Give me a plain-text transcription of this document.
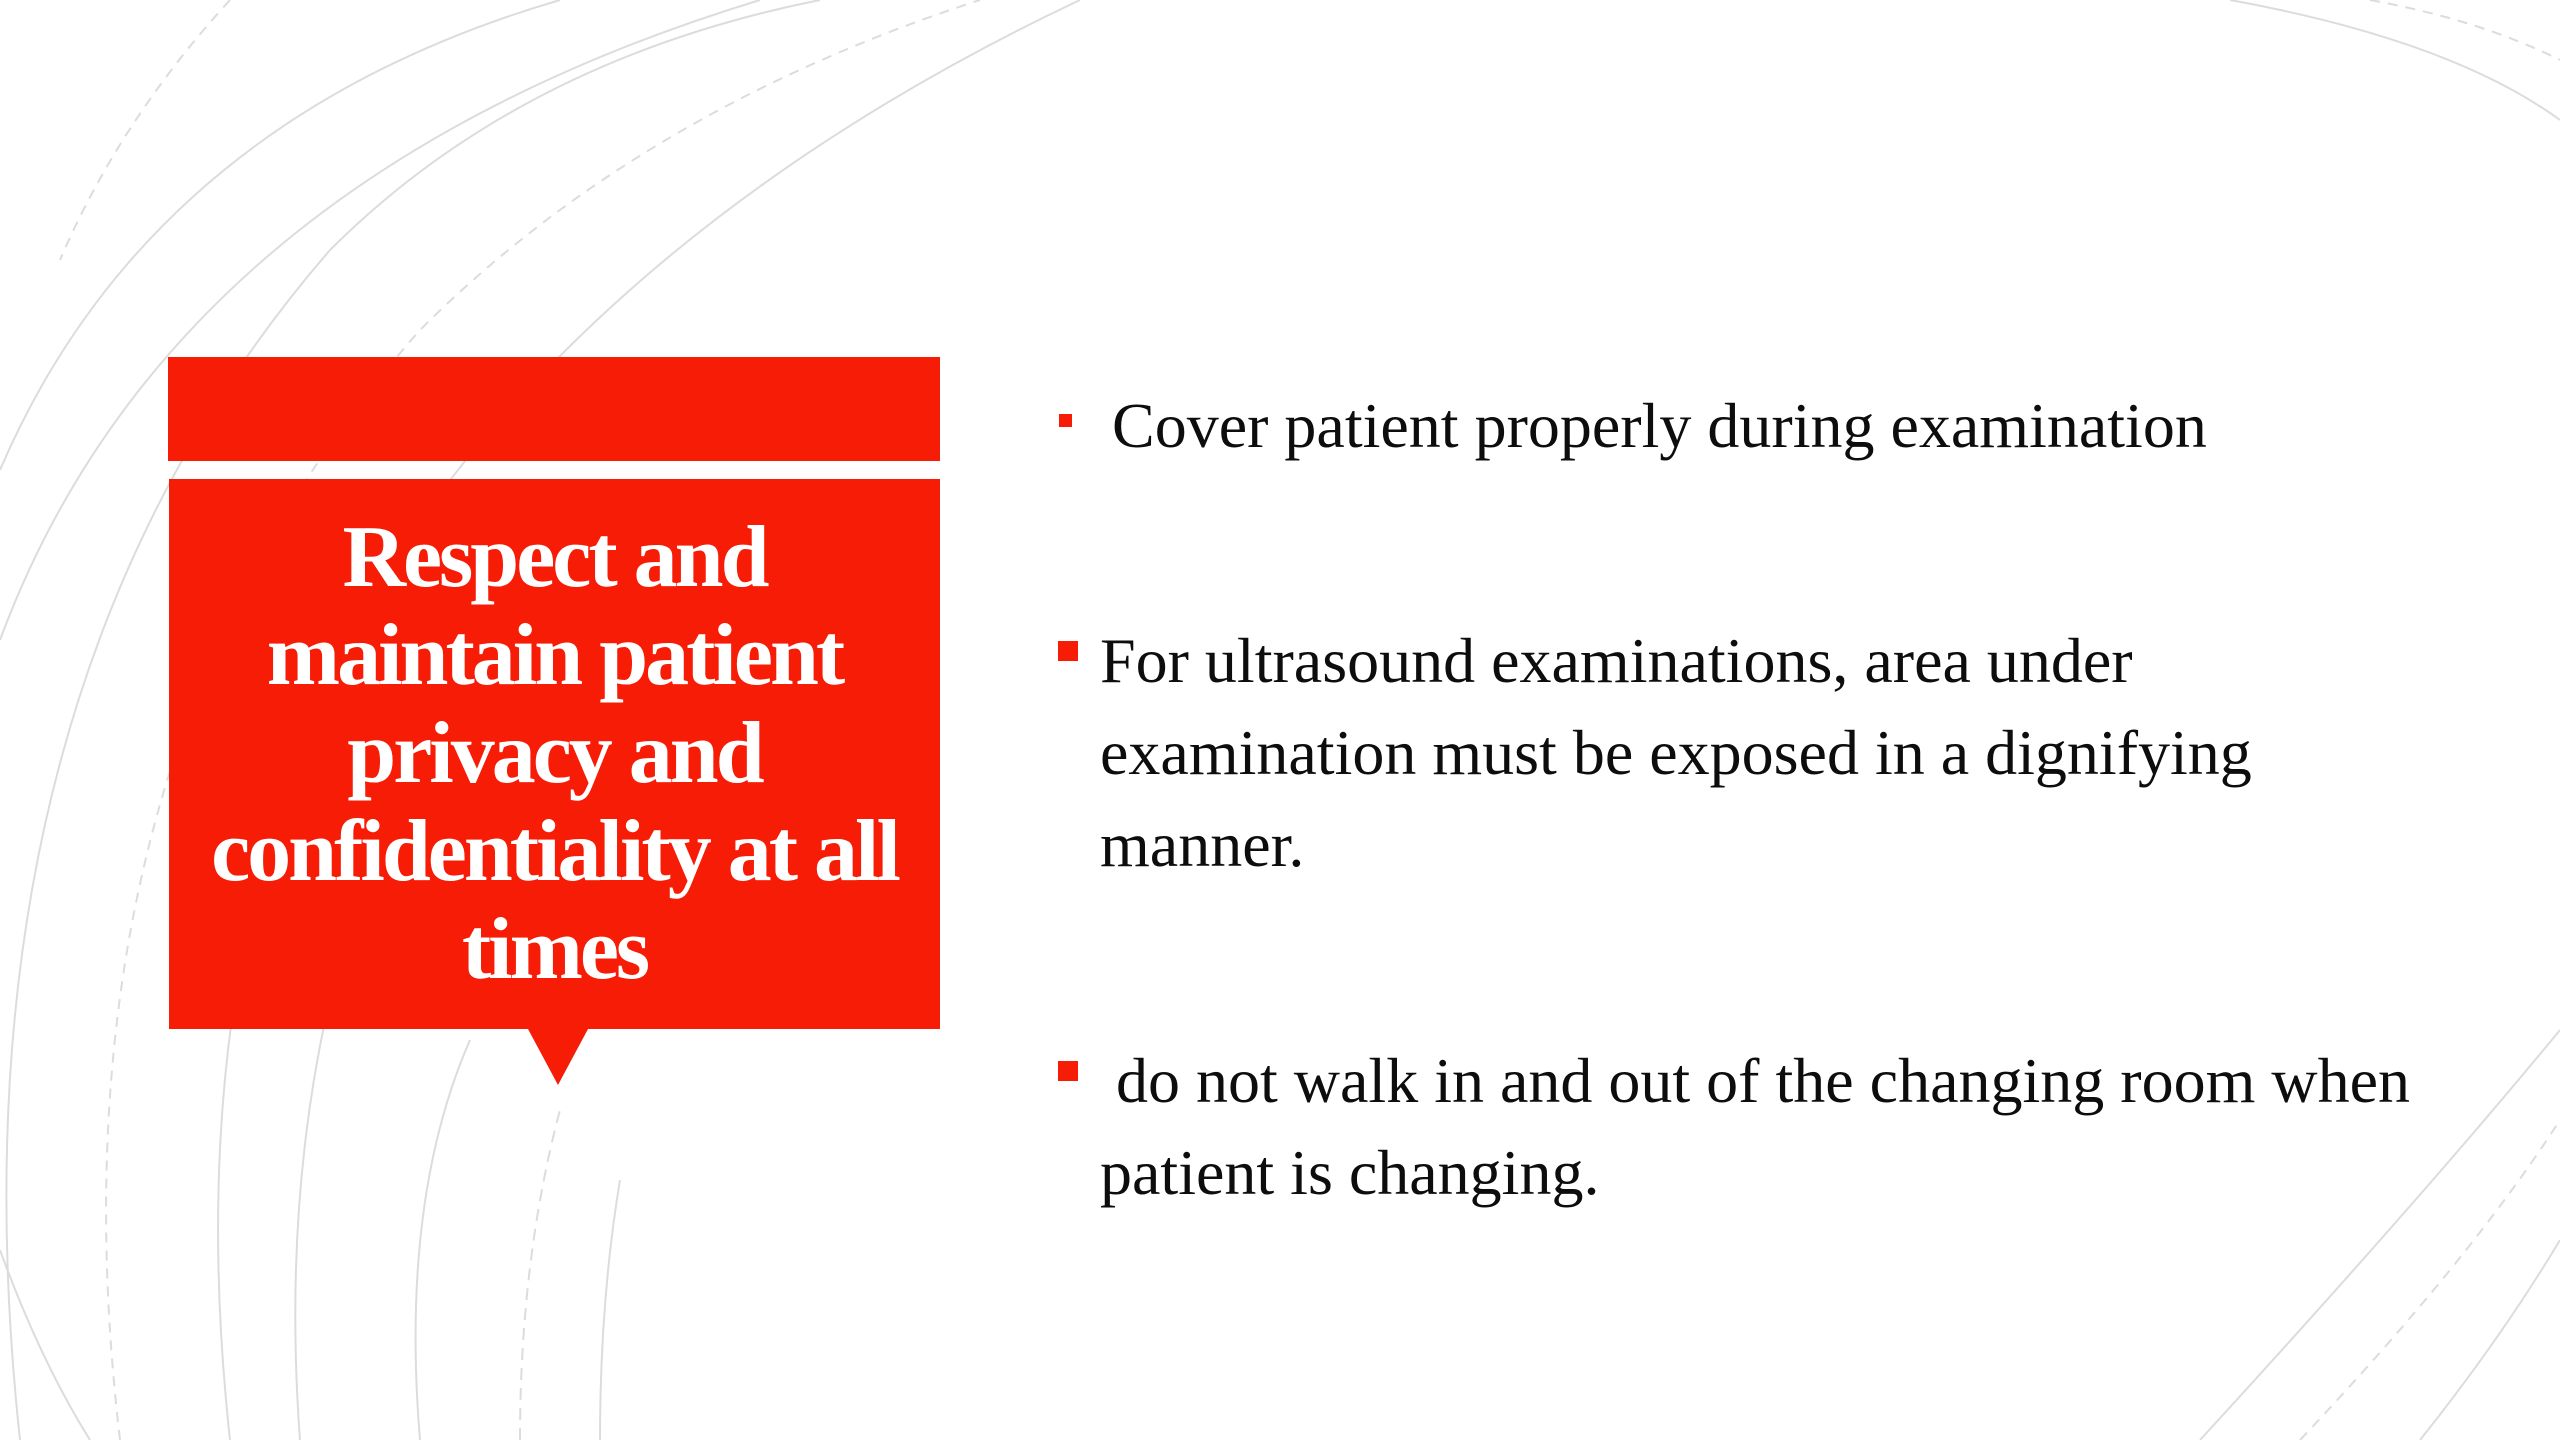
Respect and maintain patient privacy and confidentiality at all times

Cover patient properly during examination
For ultrasound examinations, area under examination must be exposed in a dignifying manner.
do not walk in and out of the changing room when patient is changing.
